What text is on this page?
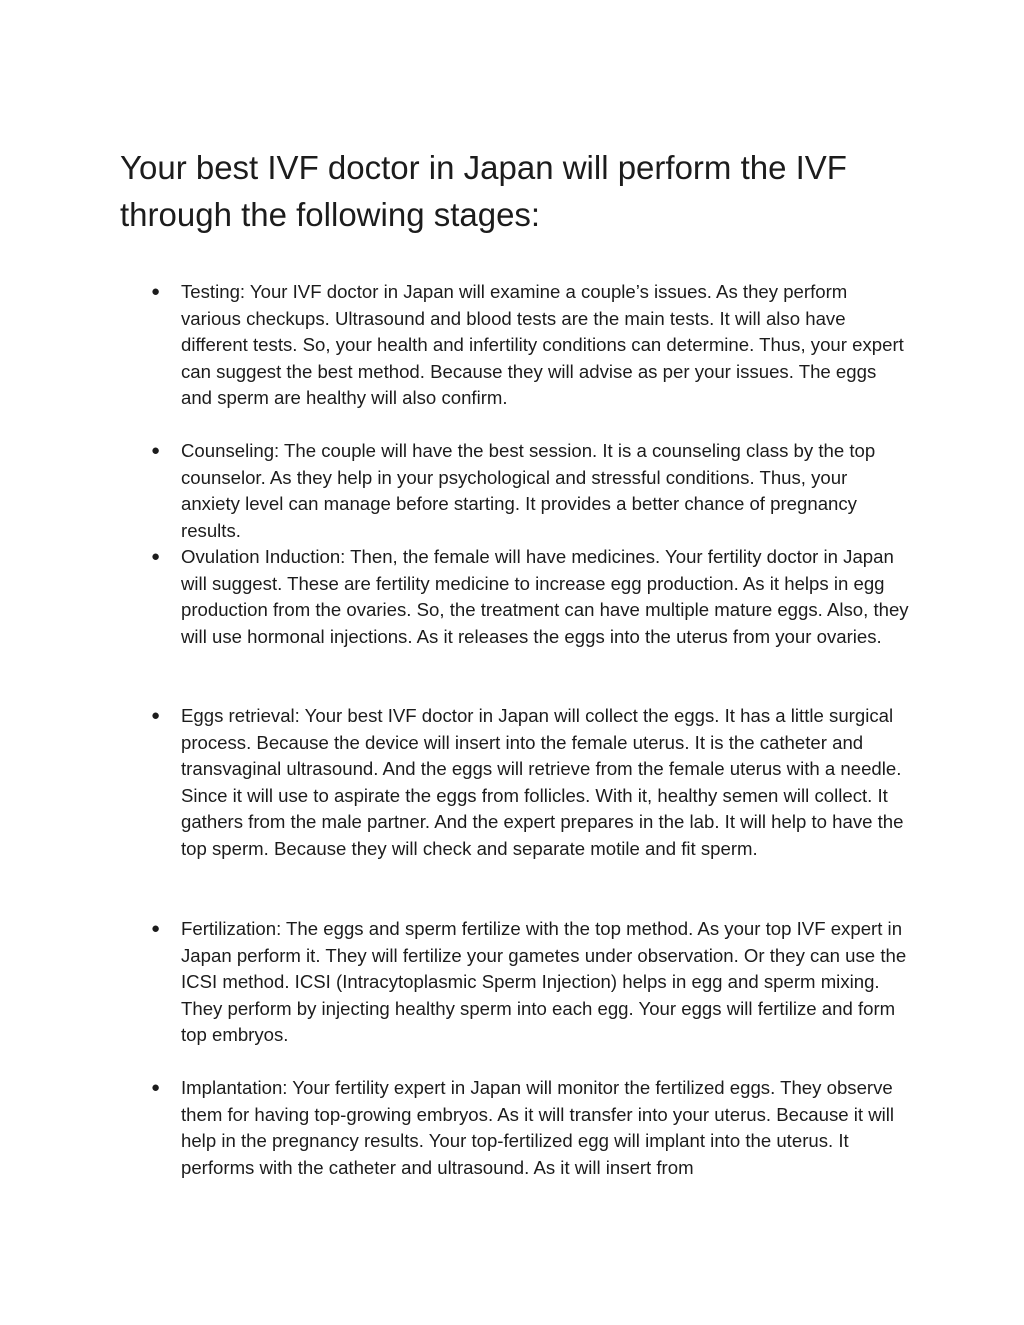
Your best IVF doctor in Japan will perform the IVF through the following stages:
● Testing: Your IVF doctor in Japan will examine a couple’s issues. As they perform various checkups. Ultrasound and blood tests are the main tests. It will also have different tests. So, your health and infertility conditions can determine. Thus, your expert can suggest the best method. Because they will advise as per your issues. The eggs and sperm are healthy will also confirm.
● Counseling: The couple will have the best session. It is a counseling class by the top counselor. As they help in your psychological and stressful conditions. Thus, your anxiety level can manage before starting. It provides a better chance of pregnancy results.
● Ovulation Induction: Then, the female will have medicines. Your fertility doctor in Japan will suggest. These are fertility medicine to increase egg production. As it helps in egg production from the ovaries. So, the treatment can have multiple mature eggs. Also, they will use hormonal injections. As it releases the eggs into the uterus from your ovaries.
● Eggs retrieval: Your best IVF doctor in Japan will collect the eggs. It has a little surgical process. Because the device will insert into the female uterus. It is the catheter and transvaginal ultrasound. And the eggs will retrieve from the female uterus with a needle. Since it will use to aspirate the eggs from follicles. With it, healthy semen will collect. It gathers from the male partner. And the expert prepares in the lab. It will help to have the top sperm. Because they will check and separate motile and fit sperm.
● Fertilization: The eggs and sperm fertilize with the top method. As your top IVF expert in Japan perform it. They will fertilize your gametes under observation. Or they can use the ICSI method. ICSI (Intracytoplasmic Sperm Injection) helps in egg and sperm mixing. They perform by injecting healthy sperm into each egg. Your eggs will fertilize and form top embryos.
● Implantation: Your fertility expert in Japan will monitor the fertilized eggs. They observe them for having top-growing embryos. As it will transfer into your uterus. Because it will help in the pregnancy results. Your top-fertilized egg will implant into the uterus. It performs with the catheter and ultrasound. As it will insert from
